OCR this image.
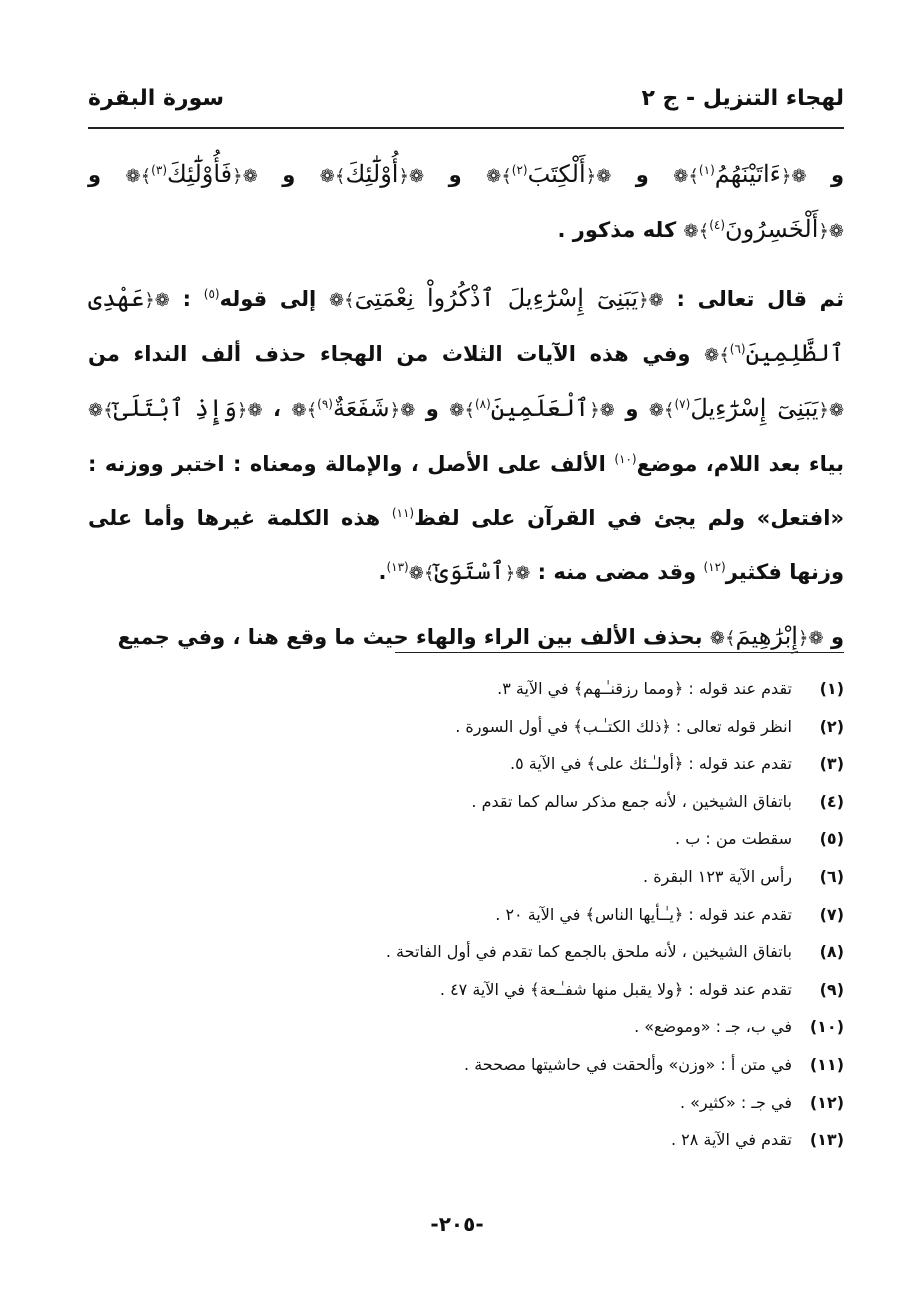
لهجاء التنزيل - ج ٢
سورة البقرة

و ❁﴿ءَاتَيْنَهُمُ$^{(١)}$﴾❁ و ❁﴿أَلْكِتَبَ$^{(٢)}$﴾❁ و ❁﴿أُوْلَٰٓئِكَ﴾❁ و ❁﴿فَأُوْلَٰٓئِكَ$^{(٣)}$﴾❁ و ❁﴿أَلْخَسِرُونَ$^{(٤)}$﴾❁ كله مذكور .

ثم قال تعالى : ❁﴿يَبَنِىٓ إِسْرَٰٓءِيلَ ٱذْكُرُواْ نِعْمَتِىَ﴾❁ إلى قوله$^{(٥)}$ : ❁﴿عَهْدِى ٱلظَّلِمِينَ$^{(٦)}$﴾❁ وفي هذه الآيات الثلاث من الهجاء حذف ألف النداء من ❁﴿يَبَنِىٓ إِسْرَٰٓءِيلَ$^{(٧)}$﴾❁ و ❁﴿ٱلْعَلَمِينَ$^{(٨)}$﴾❁ و ❁﴿شَفَعَةٌ$^{(٩)}$﴾❁ ، ❁﴿وَإِذِ ٱبْتَلَىٰٓ﴾❁ بياء بعد اللام، موضع$^{(١٠)}$ الألف على الأصل ، والإمالة ومعناه : اختبر ووزنه : «افتعل» ولم يجئ في القرآن على لفظ$^{(١١)}$ هذه الكلمة غيرها وأما على وزنها فكثير$^{(١٢)}$ وقد مضى منه : ❁﴿ٱسْتَوَىٰٓ﴾❁$^{(١٣)}$.

و ❁﴿إِبْرَٰهِيمَ﴾❁ بحذف الألف بين الراء والهاء حيث ما وقع هنا ، وفي جميع

(١)
تقدم عند قوله : ﴿ومما رزقنـٰـهم﴾ في الآية ٣.
(٢)
انظر قوله تعالى : ﴿ذلك الكتـٰـب﴾ في أول السورة .
(٣)
تقدم عند قوله : ﴿أولـٰـئك على﴾ في الآية ٥.
(٤)
باتفاق الشيخين ، لأنه جمع مذكر سالم كما تقدم .
(٥)
سقطت من : ب .
(٦)
رأس الآية ١٢٣ البقرة .
(٧)
تقدم عند قوله : ﴿يـٰـأيها الناس﴾ في الآية ٢٠ .
(٨)
باتفاق الشيخين ، لأنه ملحق بالجمع كما تقدم في أول الفاتحة .
(٩)
تقدم عند قوله : ﴿ولا يقبل منها شفـٰـعة﴾ في الآية ٤٧ .
(١٠)
في ب، جـ : «وموضع» .
(١١)
في متن أ : «وزن» وألحقت في حاشيتها مصححة .
(١٢)
في جـ : «كثير» .
(١٣)
تقدم في الآية ٢٨ .
-٢٠٥-
